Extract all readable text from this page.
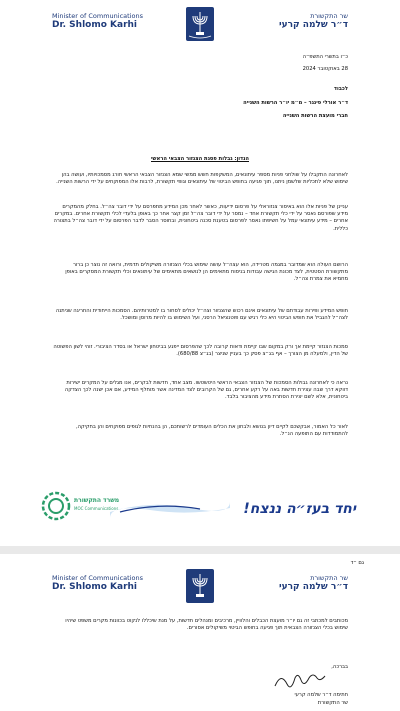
Minister of Communications
Dr. Shlomo Karhi
שר התקשורת
ד״ר שלמה קרעי
כ״ו בתשרי התשפ״ה
28 באוקטובר 2024
לכבוד
ד״ר אורלי פינגר – מ״מ יו״ר הרשות השנייה
חברי מועצת הרשות השנייה
הנדון: גבלות פסגת הצנזור הצבאי הראשי
לאחרונה התקבלו על שולחני פניות מספר עיתונאים, המשקפות חשש ממשי שמא הצנזור הצבאי הראשי חורג מסמכויותיו, ועושה בהן שימוש שלא לתכליות שלשמן ניתנו, תוך פגיעה בחופש הביטוי של עיתונאים וגופי תקשורת, לרבות אלו המפוקחים על ידי הרשות השנייה.
עניינן של פניות אלו הוא באיסור צנזוראלי על פרסום ידיעות, כאשר לאחר מכן המידע מתפרסם על ידי דובר צה״ל. בחלק מהמקרים מידע שפורסם נאסר על ידי כלי תקשורת אחד – נמסר על ידי דובר צה״ל זמן קצר אחר כך באופן בלעדי לכלי תקשורת אחרים. במקרים אחרים – מידע עיתונאי עמל על חשיפתו נאסר לפרסום בטענת סכנה ביטחונית, ובחוסר הסבר לדבר הפרסום על ידי דובר צה״ל בתצורה כללית.
הרושם העולה הוא שמדובר במגמה מטרידה, הוא עצה״ל עושה שימוש בכלי הצנזורה משיקולים תדמית, ורואה זה נוצר כן ברור מתקשורת הסטטית, לצד מכונת הגישה עבודות בניסוח מתאימים הן לנושאים מתאימים של עיתונאים וכלי תקשורת המסקרים באופן מחמיא את צמרת צה״ל.
חופש המידע ופירות עבודתם של עיתונאים אינם רכוש שהצנזור וצה״ל יכולים לסחור בו למטרותיהם. הסמכות הייחודית והחריגה שניתנה לצה״ל להגביל את חופש הביטוי היא כלי רגיש עם פוטנציאל הרסני, ועל השימוש בו להיות מרוסן ומושכל.
סמכות הצנזור קיימת אך ורק במקום שבו קיימת ודאות קרובה לכך שהפרסום ייפגע בביטחון ישראל או בסדר הציבורי. זוהי לשון הפשוטה של הדין, ולמעלה מן הצורך – אף בג״צ פסק כך בעניין שניצר (בג״צ 680/88).
נראה כי לאחרונה גבולות הסמכות של הצנזור הצבאי הראשי היטשטשו. מצב אחד, חדשות לבקרים, אנו מגלים על המקרים ישירות דווקא דרך שבה עצירת חדשות באה על רקע אחרים, גם של הקרובים לצד המדינה אשר מוחלף המידע, אם אכן ישנה לכך הצדקה ביטחונית, אלא לשם יצירת הסתרת מידע מהציבור בלבד.
לאור כל האמור, אבקשכם לקיים דיון בנושא ולבחון את הכלים העומדים לרשותכם, הן בהנחיות לגופים מפוקחים והן בחקיקה, להתמודדות עם התופעה הנ״ל.
משרד התקשורת
MOC Communications	יחד בעז״ה ננצח!
גם ״ד
Minister of Communications
Dr. Shlomo Karhi
שר התקשורת
ד״ר שלמה קרעי
מכותבים למכתבי זה גם יו״ר מועצת הכבלים והלוויין, מרכיבים ומנהלים חדשות, על מנת שיכללו לנקוט בכוונות מקרים משפט שיהיו שימוש בכלי הצנזורה הצבאית תוך פגיעה בחופש הביטוי משיקולים אסורים.
בברכה,
חתימה ד״ר שלמה קרעי
שר התקשורת
